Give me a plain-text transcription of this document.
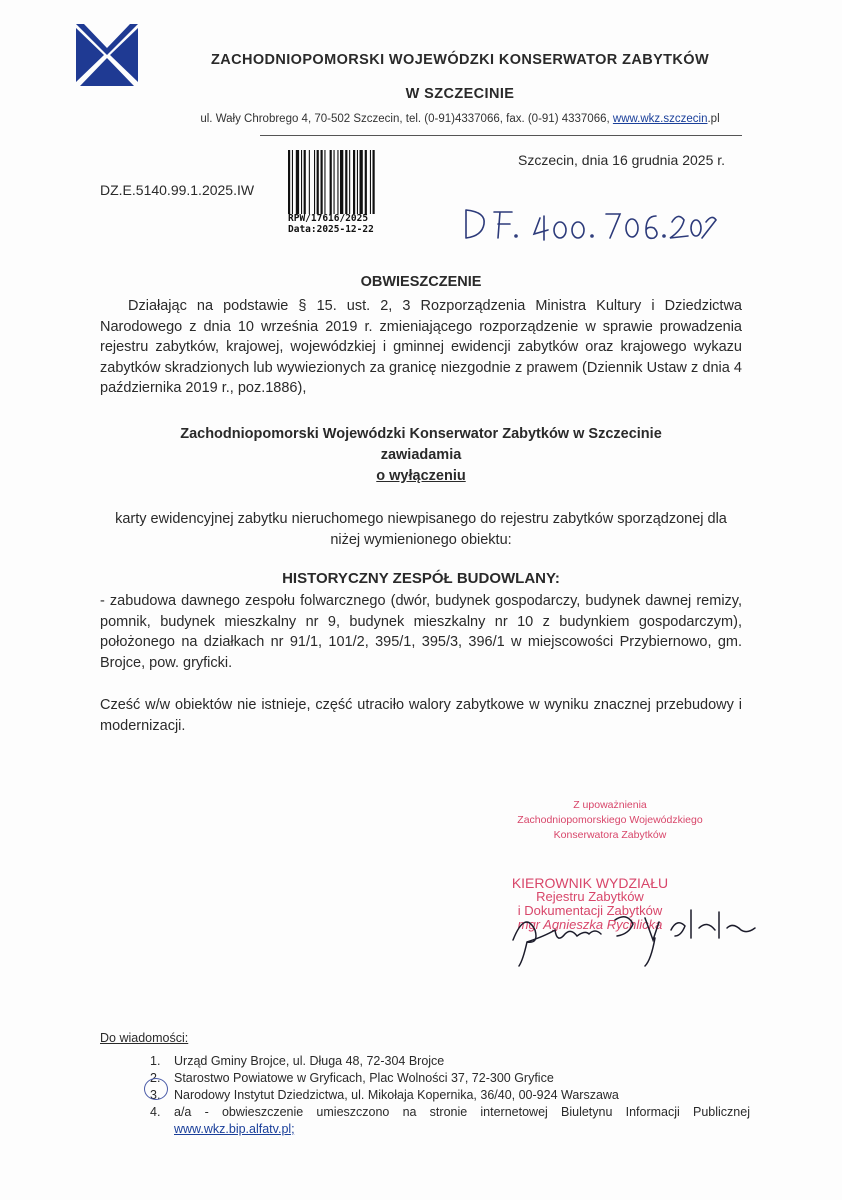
ZACHODNIOPOMORSKI WOJEWÓDZKI KONSERWATOR ZABYTKÓW
W SZCZECINIE
ul. Wały Chrobrego 4, 70-502 Szczecin, tel. (0-91)4337066, fax. (0-91) 4337066, www.wkz.szczecin.pl
RPW/17616/2025
Data:2025-12-22
Szczecin, dnia 16 grudnia 2025 r.
DZ.E.5140.99.1.2025.IW
OBWIESZCZENIE
Działając na podstawie § 15. ust. 2, 3 Rozporządzenia Ministra Kultury i Dziedzictwa Narodowego z dnia 10 września 2019 r. zmieniającego rozporządzenie w sprawie prowadzenia rejestru zabytków, krajowej, wojewódzkiej i gminnej ewidencji zabytków oraz krajowego wykazu zabytków skradzionych lub wywiezionych za granicę niezgodnie z prawem (Dziennik Ustaw z dnia 4 października 2019 r., poz.1886),
Zachodniopomorski Wojewódzki Konserwator Zabytków w Szczecinie
zawiadamia
o wyłączeniu
karty ewidencyjnej zabytku nieruchomego niewpisanego do rejestru zabytków sporządzonej dla niżej wymienionego obiektu:
HISTORYCZNY ZESPÓŁ BUDOWLANY:
- zabudowa dawnego zespołu folwarcznego (dwór, budynek gospodarczy, budynek dawnej remizy, pomnik, budynek mieszkalny nr 9, budynek mieszkalny nr 10 z budynkiem gospodarczym), położonego na działkach nr 91/1, 101/2, 395/1, 395/3, 396/1 w miejscowości Przybiernowo, gm. Brojce, pow. gryficki.
Cześć w/w obiektów nie istnieje, część utraciło walory zabytkowe w wyniku znacznej przebudowy i modernizacji.
Z upoważnienia
Zachodniopomorskiego Wojewódzkiego
Konserwatora Zabytków
KIEROWNIK WYDZIAŁU
Rejestru Zabytków
i Dokumentacji Zabytków
mgr Agnieszka Rychlicka
Do wiadomości:
1.	Urząd Gminy Brojce, ul. Długa 48, 72-304 Brojce
2.	Starostwo Powiatowe w Gryficach, Plac Wolności 37, 72-300 Gryfice
3.	Narodowy Instytut Dziedzictwa, ul. Mikołaja Kopernika, 36/40, 00-924 Warszawa
4.	a/a - obwieszczenie umieszczono na stronie internetowej Biuletynu Informacji Publicznej
www.wkz.bip.alfatv.pl;
